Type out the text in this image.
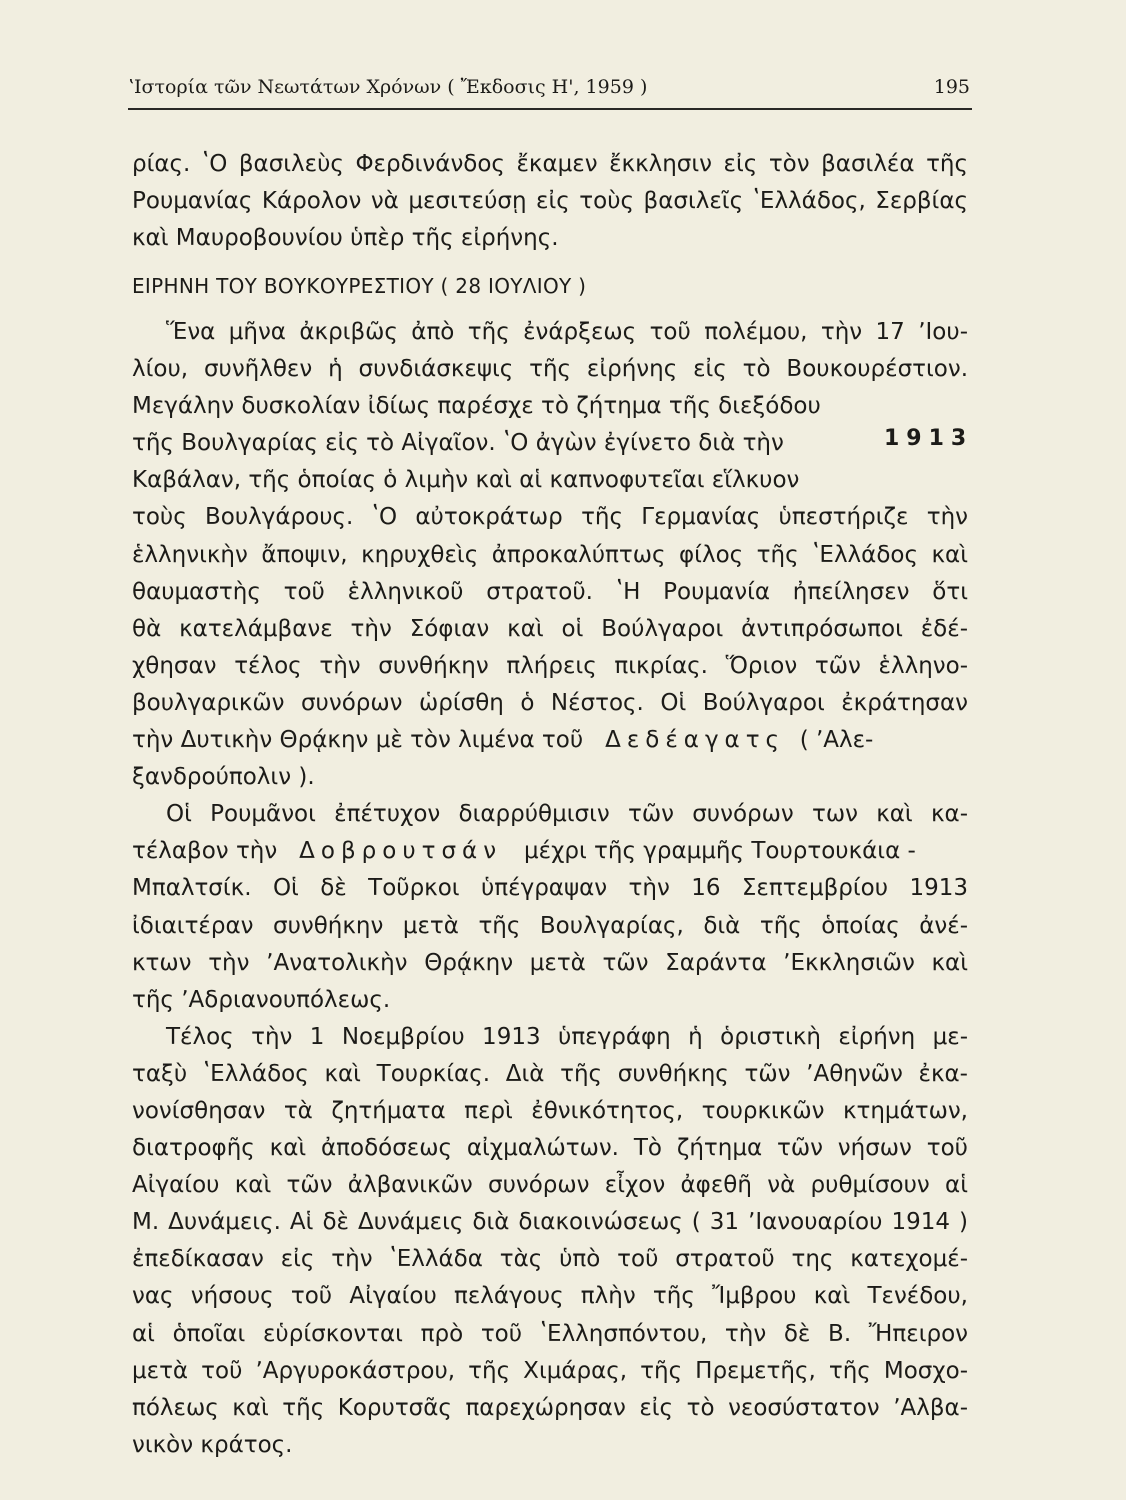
ʽΙστορία τῶν Νεωτάτων Χρόνων ( Ἔκδοσις Η', 1959 )	195
ρίας. ʽΟ βασιλεὺς Φερδινάνδος ἔκαμεν ἔκκλησιν εἰς τὸν βασιλέα τῆς
Ρουμανίας Κάρολον νὰ μεσιτεύσῃ εἰς τοὺς βασιλεῖς ʽΕλλάδος, Σερβίας
καὶ Μαυροβουνίου ὑπὲρ τῆς εἰρήνης.
ΕΙΡΗΝΗ ΤΟΥ ΒΟΥΚΟΥΡΕΣΤΙΟΥ ( 28 ΙΟΥΛΙΟΥ )
Ἕνα μῆνα ἀκριβῶς ἀπὸ τῆς ἐνάρξεως τοῦ πολέμου, τὴν 17 ʼΙου-
λίου, συνῆλθεν ἡ συνδιάσκεψις τῆς εἰρήνης εἰς τὸ Βουκουρέστιον.
Μεγάλην δυσκολίαν ἰδίως παρέσχε τὸ ζήτημα τῆς διεξόδου
τῆς Βουλγαρίας εἰς τὸ Αἰγαῖον. ʽΟ ἀγὼν ἐγίνετο διὰ τὴν
Καβάλαν, τῆς ὁποίας ὁ λιμὴν καὶ αἱ καπνοφυτεῖαι εἵλκυον
τοὺς Βουλγάρους. ʽΟ αὐτοκράτωρ τῆς Γερμανίας ὑπεστήριζε τὴν
ἑλληνικὴν ἄποψιν, κηρυχθεὶς ἀπροκαλύπτως φίλος τῆς ʽΕλλάδος καὶ
θαυμαστὴς τοῦ ἑλληνικοῦ στρατοῦ. ʽΗ Ρουμανία ἠπείλησεν ὅτι
θὰ κατελάμβανε τὴν Σόφιαν καὶ οἱ Βούλγαροι ἀντιπρόσωποι ἐδέ-
χθησαν τέλος τὴν συνθήκην πλήρεις πικρίας. Ὅριον τῶν ἑλληνο-
βουλγαρικῶν συνόρων ὡρίσθη ὁ Νέστος. Οἱ Βούλγαροι ἐκράτησαν
τὴν Δυτικὴν Θρᾴκην μὲ τὸν λιμένα τοῦ Δεδέαγατς ( ʼΑλε-
ξανδρούπολιν ).
Οἱ Ρουμᾶνοι ἐπέτυχον διαρρύθμισιν τῶν συνόρων των καὶ κα-
τέλαβον τὴν Δοβρουτσάν μέχρι τῆς γραμμῆς Τουρτουκάια -
Μπαλτσίκ. Οἱ δὲ Τοῦρκοι ὑπέγραψαν τὴν 16 Σεπτεμβρίου 1913
ἰδιαιτέραν συνθήκην μετὰ τῆς Βουλγαρίας, διὰ τῆς ὁποίας ἀνέ-
κτων τὴν ʼΑνατολικὴν Θρᾴκην μετὰ τῶν Σαράντα ʼΕκκλησιῶν καὶ
τῆς ʼΑδριανουπόλεως.
Τέλος τὴν 1 Νοεμβρίου 1913 ὑπεγράφη ἡ ὁριστικὴ εἰρήνη με-
ταξὺ ʽΕλλάδος καὶ Τουρκίας. Διὰ τῆς συνθήκης τῶν ʼΑθηνῶν ἐκα-
νονίσθησαν τὰ ζητήματα περὶ ἐθνικότητος, τουρκικῶν κτημάτων,
διατροφῆς καὶ ἀποδόσεως αἰχμαλώτων. Τὸ ζήτημα τῶν νήσων τοῦ
Αἰγαίου καὶ τῶν ἀλβανικῶν συνόρων εἶχον ἀφεθῆ νὰ ρυθμίσουν αἱ
Μ. Δυνάμεις. Αἱ δὲ Δυνάμεις διὰ διακοινώσεως ( 31 ʼΙανουαρίου 1914 )
ἐπεδίκασαν εἰς τὴν ʽΕλλάδα τὰς ὑπὸ τοῦ στρατοῦ της κατεχομέ-
νας νήσους τοῦ Αἰγαίου πελάγους πλὴν τῆς Ἴμβρου καὶ Τενέδου,
αἱ ὁποῖαι εὑρίσκονται πρὸ τοῦ ʽΕλλησπόντου, τὴν δὲ Β. Ἤπειρον
μετὰ τοῦ ʼΑργυροκάστρου, τῆς Χιμάρας, τῆς Πρεμετῆς, τῆς Μοσχο-
πόλεως καὶ τῆς Κορυτσᾶς παρεχώρησαν εἰς τὸ νεοσύστατον ʼΑλβα-
νικὸν κράτος.
1913
